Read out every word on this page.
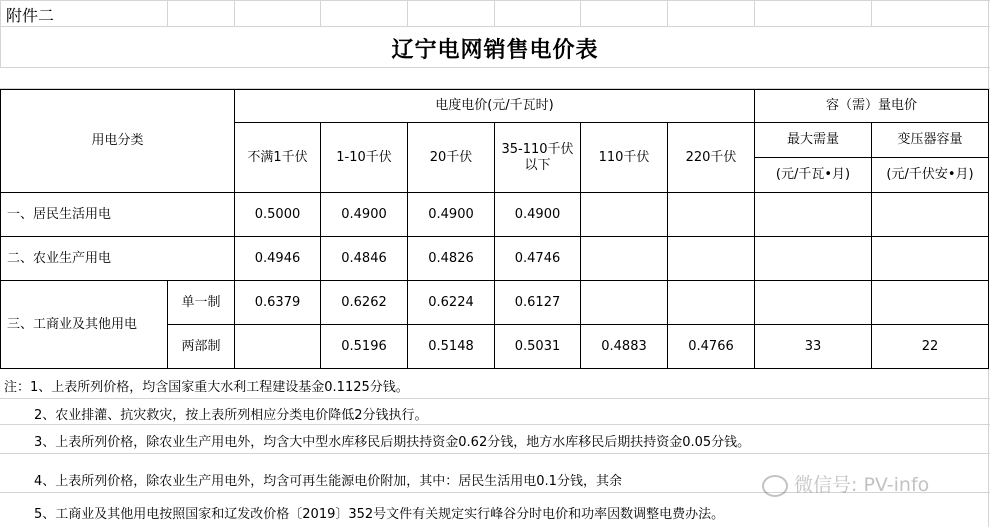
附件二
辽宁电网销售电价表
用电分类		电度电价(元/千瓦时)						容（需）量电价	
		不满1千伏	1-10千伏	20千伏	35-110千伏以下	110千伏	220千伏	最大需量	变压器容量
								(元/千瓦•月)	(元/千伏安•月)
一、居民生活用电		0.5000	0.4900	0.4900	0.4900				
二、农业生产用电		0.4946	0.4846	0.4826	0.4746				
三、工商业及其他用电	单一制	0.6379	0.6262	0.6224	0.6127				
	两部制		0.5196	0.5148	0.5031	0.4883	0.4766	33	22
注：1、上表所列价格，均含国家重大水利工程建设基金0.1125分钱。
2、农业排灌、抗灾救灾，按上表所列相应分类电价降低2分钱执行。
3、上表所列价格，除农业生产用电外，均含大中型水库移民后期扶持资金0.62分钱，地方水库移民后期扶持资金0.05分钱。
4、上表所列价格，除农业生产用电外，均含可再生能源电价附加，其中：居民生活用电0.1分钱，其余
5、工商业及其他用电按照国家和辽发改价格〔2019〕352号文件有关规定实行峰谷分时电价和功率因数调整电费办法。
微信号: PV-info
